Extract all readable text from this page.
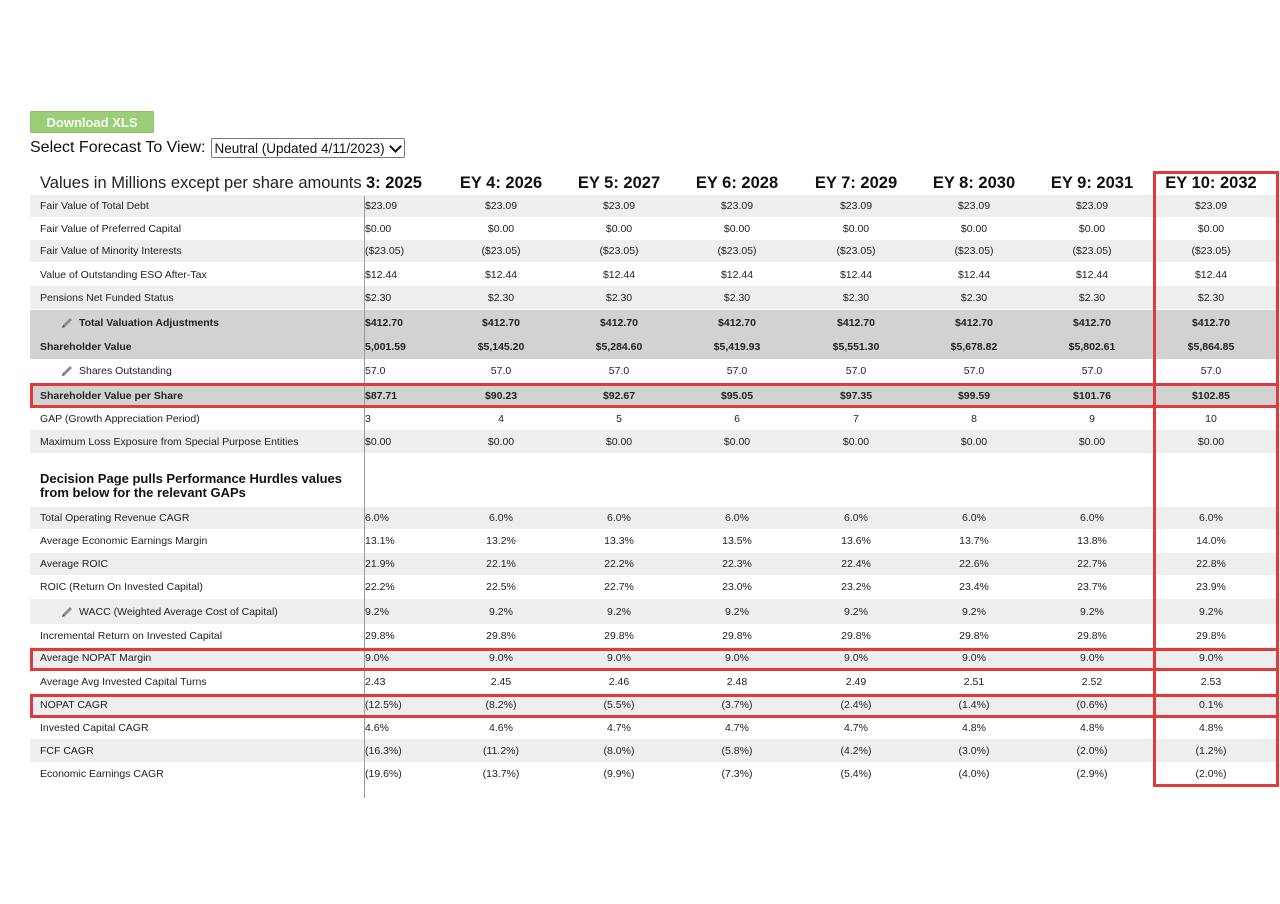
Download XLS
Select Forecast To View: Neutral (Updated 4/11/2023)
Values in Millions except per share amounts 3: 2025	EY 4: 2026	EY 5: 2027	EY 6: 2028	EY 7: 2029	EY 8: 2030	EY 9: 2031	EY 10: 2032
Fair Value of Total Debt	$23.09	$23.09	$23.09	$23.09	$23.09	$23.09	$23.09	$23.09
Fair Value of Preferred Capital	$0.00	$0.00	$0.00	$0.00	$0.00	$0.00	$0.00	$0.00
Fair Value of Minority Interests	($23.05)	($23.05)	($23.05)	($23.05)	($23.05)	($23.05)	($23.05)	($23.05)
Value of Outstanding ESO After-Tax	$12.44	$12.44	$12.44	$12.44	$12.44	$12.44	$12.44	$12.44
Pensions Net Funded Status	$2.30	$2.30	$2.30	$2.30	$2.30	$2.30	$2.30	$2.30
Total Valuation Adjustments	$412.70	$412.70	$412.70	$412.70	$412.70	$412.70	$412.70	$412.70
Shareholder Value	5,001.59	$5,145.20	$5,284.60	$5,419.93	$5,551.30	$5,678.82	$5,802.61	$5,864.85
Shares Outstanding	57.0	57.0	57.0	57.0	57.0	57.0	57.0	57.0
Shareholder Value per Share	$87.71	$90.23	$92.67	$95.05	$97.35	$99.59	$101.76	$102.85
GAP (Growth Appreciation Period)	3	4	5	6	7	8	9	10
Maximum Loss Exposure from Special Purpose Entities	$0.00	$0.00	$0.00	$0.00	$0.00	$0.00	$0.00	$0.00
Decision Page pulls Performance Hurdles values
from below for the relevant GAPs
Total Operating Revenue CAGR	6.0%	6.0%	6.0%	6.0%	6.0%	6.0%	6.0%	6.0%
Average Economic Earnings Margin	13.1%	13.2%	13.3%	13.5%	13.6%	13.7%	13.8%	14.0%
Average ROIC	21.9%	22.1%	22.2%	22.3%	22.4%	22.6%	22.7%	22.8%
ROIC (Return On Invested Capital)	22.2%	22.5%	22.7%	23.0%	23.2%	23.4%	23.7%	23.9%
WACC (Weighted Average Cost of Capital)	9.2%	9.2%	9.2%	9.2%	9.2%	9.2%	9.2%	9.2%
Incremental Return on Invested Capital	29.8%	29.8%	29.8%	29.8%	29.8%	29.8%	29.8%	29.8%
Average NOPAT Margin	9.0%	9.0%	9.0%	9.0%	9.0%	9.0%	9.0%	9.0%
Average Avg Invested Capital Turns	2.43	2.45	2.46	2.48	2.49	2.51	2.52	2.53
NOPAT CAGR	(12.5%)	(8.2%)	(5.5%)	(3.7%)	(2.4%)	(1.4%)	(0.6%)	0.1%
Invested Capital CAGR	4.6%	4.6%	4.7%	4.7%	4.7%	4.8%	4.8%	4.8%
FCF CAGR	(16.3%)	(11.2%)	(8.0%)	(5.8%)	(4.2%)	(3.0%)	(2.0%)	(1.2%)
Economic Earnings CAGR	(19.6%)	(13.7%)	(9.9%)	(7.3%)	(5.4%)	(4.0%)	(2.9%)	(2.0%)
